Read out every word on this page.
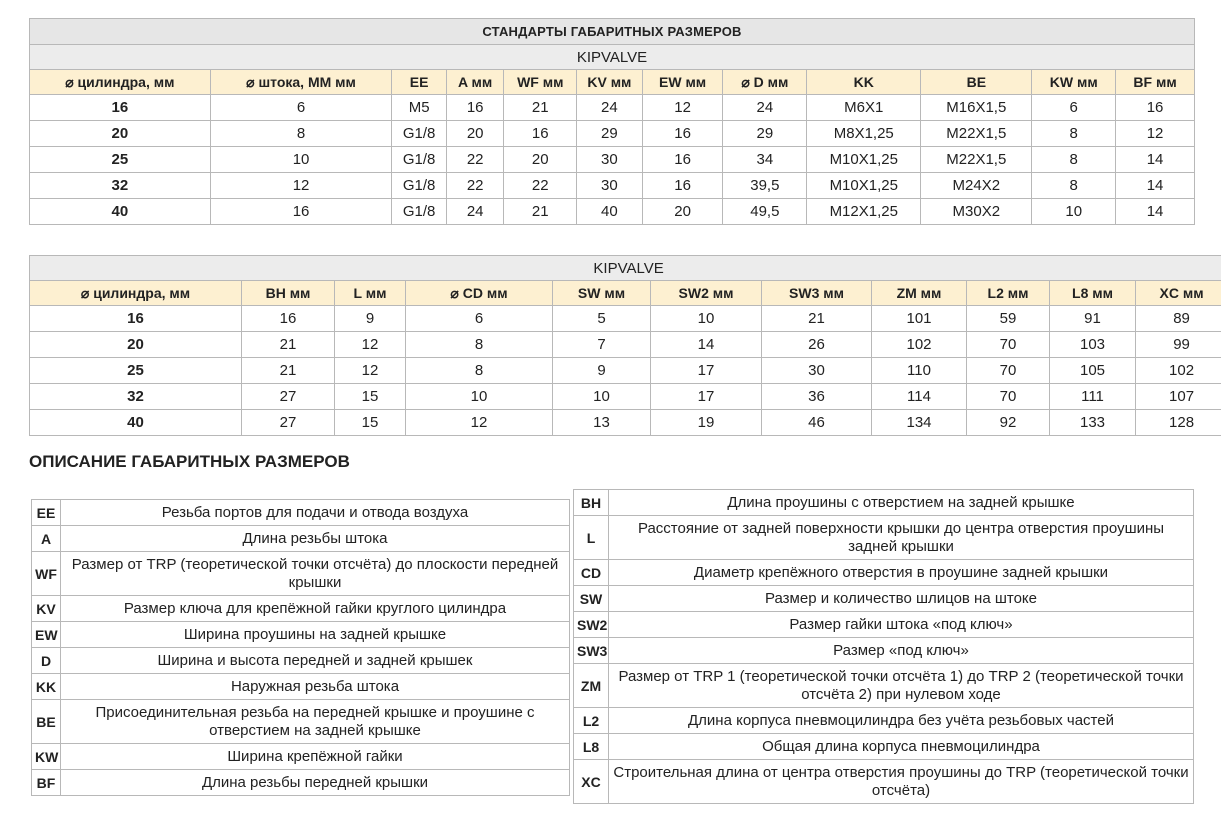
СТАНДАРТЫ ГАБАРИТНЫХ РАЗМЕРОВ											
KIPVALVE											
⌀ цилиндра, мм	⌀ штока, ММ мм	EE	A мм	WF мм	KV мм	EW мм	⌀ D мм	KK	BE	KW мм	BF мм
16	6	M5	16	21	24	12	24	M6X1	M16X1,5	6	16
20	8	G1/8	20	16	29	16	29	M8X1,25	M22X1,5	8	12
25	10	G1/8	22	20	30	16	34	M10X1,25	M22X1,5	8	14
32	12	G1/8	22	22	30	16	39,5	M10X1,25	M24X2	8	14
40	16	G1/8	24	21	40	20	49,5	M12X1,25	M30X2	10	14
KIPVALVE										
⌀ цилиндра, мм	BH мм	L мм	⌀ CD мм	SW мм	SW2 мм	SW3 мм	ZM мм	L2 мм	L8 мм	XC мм
16	16	9	6	5	10	21	101	59	91	89
20	21	12	8	7	14	26	102	70	103	99
25	21	12	8	9	17	30	110	70	105	102
32	27	15	10	10	17	36	114	70	111	107
40	27	15	12	13	19	46	134	92	133	128
ОПИСАНИЕ ГАБАРИТНЫХ РАЗМЕРОВ
EE	Резьба портов для подачи и отвода воздуха
A	Длина резьбы штока
WF	Размер от TRP (теоретической точки отсчёта) до плоскости передней крышки
KV	Размер ключа для крепёжной гайки круглого цилиндра
EW	Ширина проушины на задней крышке
D	Ширина и высота передней и задней крышек
KK	Наружная резьба штока
BE	Присоединительная резьба на передней крышке и проушине с отверстием на задней крышке
KW	Ширина крепёжной гайки
BF	Длина резьбы передней крышки
BH	Длина проушины с отверстием на задней крышке
L	Расстояние от задней поверхности крышки до центра отверстия проушины задней крышки
CD	Диаметр крепёжного отверстия в проушине задней крышки
SW	Размер и количество шлицов на штоке
SW2	Размер гайки штока «под ключ»
SW3	Размер «под ключ»
ZM	Размер от TRP 1 (теоретической точки отсчёта 1) до TRP 2 (теоретической точки отсчёта 2) при нулевом ходе
L2	Длина корпуса пневмоцилиндра без учёта резьбовых частей
L8	Общая длина корпуса пневмоцилиндра
XC	Строительная длина от центра отверстия проушины до TRP (теоретической точки отсчёта)
